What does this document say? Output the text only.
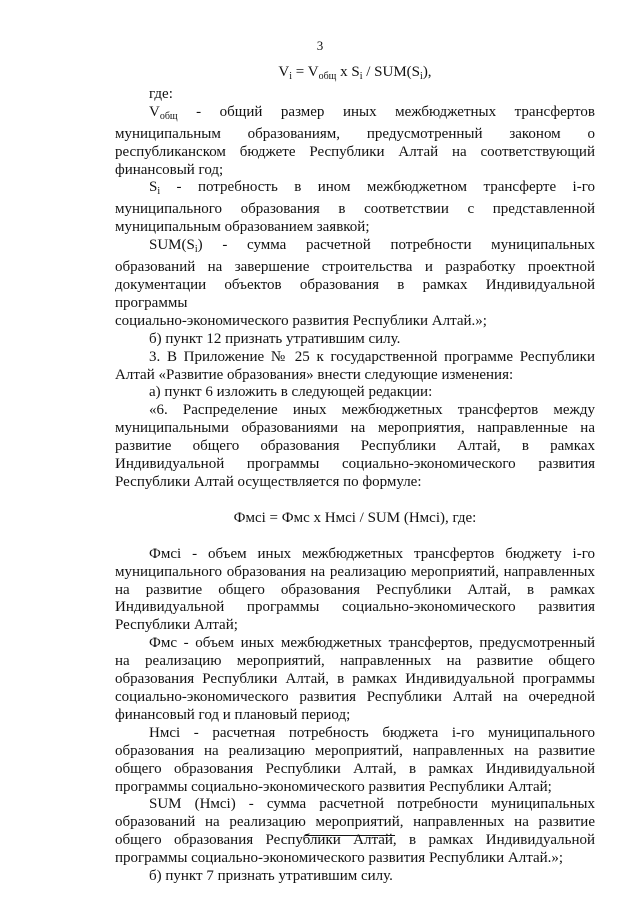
3
$V_i = V_{общ}$ x $S_i / SUM(S_i)$,
где:
$V_{общ}$ - общий размер иных межбюджетных трансфертов
муниципальным образованиям, предусмотренный законом о
республиканском бюджете Республики Алтай на соответствующий
финансовый год;
$S_i$ - потребность в ином межбюджетном трансферте i-го
муниципального образования в соответствии с представленной
муниципальным образованием заявкой;
$SUM(S_i)$ - сумма расчетной потребности муниципальных
образований на завершение строительства и разработку проектной
документации объектов образования в рамках Индивидуальной программы
социально-экономического развития Республики Алтай.»;
б) пункт 12 признать утратившим силу.
3. В Приложение № 25 к государственной программе Республики
Алтай «Развитие образования» внести следующие изменения:
а) пункт 6 изложить в следующей редакции:
«6. Распределение иных межбюджетных трансфертов между
муниципальными образованиями на мероприятия, направленные на
развитие общего образования Республики Алтай, в рамках
Индивидуальной программы социально-экономического развития
Республики Алтай осуществляется по формуле:
Фмсi = Фмс x Нмсi / SUM (Нмсi), где:
Фмсi - объем иных межбюджетных трансфертов бюджету i-го
муниципального образования на реализацию мероприятий, направленных
на развитие общего образования Республики Алтай, в рамках
Индивидуальной программы социально-экономического развития
Республики Алтай;
Фмс - объем иных межбюджетных трансфертов, предусмотренный
на реализацию мероприятий, направленных на развитие общего
образования Республики Алтай, в рамках Индивидуальной программы
социально-экономического развития Республики Алтай на очередной
финансовый год и плановый период;
Нмсi - расчетная потребность бюджета i-го муниципального
образования на реализацию мероприятий, направленных на развитие
общего образования Республики Алтай, в рамках Индивидуальной
программы социально-экономического развития Республики Алтай;
SUM (Нмсi) - сумма расчетной потребности муниципальных
образований на реализацию мероприятий, направленных на развитие
общего образования Республики Алтай, в рамках Индивидуальной
программы социально-экономического развития Республики Алтай.»;
б) пункт 7 признать утратившим силу.
